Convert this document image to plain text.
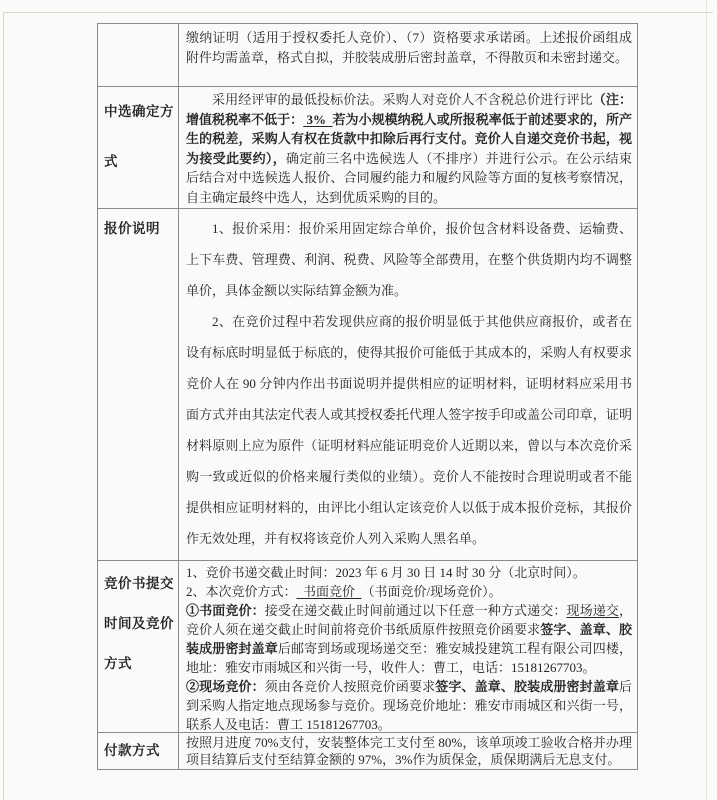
缴纳证明（适用于授权委托人竞价）、（7）资格要求承诺函。上述报价函组成附件均需盖章，格式自拟，并胶装成册后密封盖章，不得散页和未密封递交。

中选确定方式

采用经评审的最低投标价法。采购人对竞价人不含税总价进行评比（注：增值税税率不低于： 3%  若为小规模纳税人或所报税率低于前述要求的，所产生的税差，采购人有权在货款中扣除后再行支付。竞价人自递交竞价书起，视为接受此要约），确定前三名中选候选人（不排序）并进行公示。在公示结束后结合对中选候选人报价、合同履约能力和履约风险等方面的复核考察情况，自主确定最终中选人，达到优质采购的目的。

报价说明	1、报价采用：报价采用固定综合单价，报价包含材料设备费、运输费、上下车费、管理费、利润、税费、风险等全部费用，在整个供货期内均不调整单价，具体金额以实际结算金额为准。

2、在竞价过程中若发现供应商的报价明显低于其他供应商报价，或者在设有标底时明显低于标底的，使得其报价可能低于其成本的，采购人有权要求竞价人在 90 分钟内作出书面说明并提供相应的证明材料，证明材料应采用书面方式并由其法定代表人或其授权委托代理人签字按手印或盖公司印章，证明材料原则上应为原件（证明材料应能证明竞价人近期以来，曾以与本次竞价采购一致或近似的价格来履行类似的业绩）。竞价人不能按时合理说明或者不能提供相应证明材料的，由评比小组认定该竞价人以低于成本报价竞标，其报价作无效处理，并有权将该竞价人列入采购人黑名单。

竞价书提交时间及竞价方式

1、竞价书递交截止时间：2023 年 6 月 30 日 14 时 30 分（北京时间）。

2、本次竞价方式：  书面竞价  （书面竞价/现场竞价）。

①书面竞价：接受在递交截止时间前通过以下任意一种方式递交：现场递交，竞价人须在递交截止时间前将竞价书纸质原件按照竞价函要求签字、盖章、胶装成册密封盖章后邮寄到场或现场递交至：雅安城投建筑工程有限公司四楼，地址：雅安市雨城区和兴街一号，收件人：曹工，电话：15181267703。

②现场竞价：须由各竞价人按照竞价函要求签字、盖章、胶装成册密封盖章后到采购人指定地点现场参与竞价。现场竞价地址：雅安市雨城区和兴街一号，联系人及电话：曹工 15181267703。

付款方式

按照月进度 70%支付，安装整体完工支付至 80%，该单项竣工验收合格并办理项目结算后支付至结算金额的 97%，3%作为质保金，质保期满后无息支付。
